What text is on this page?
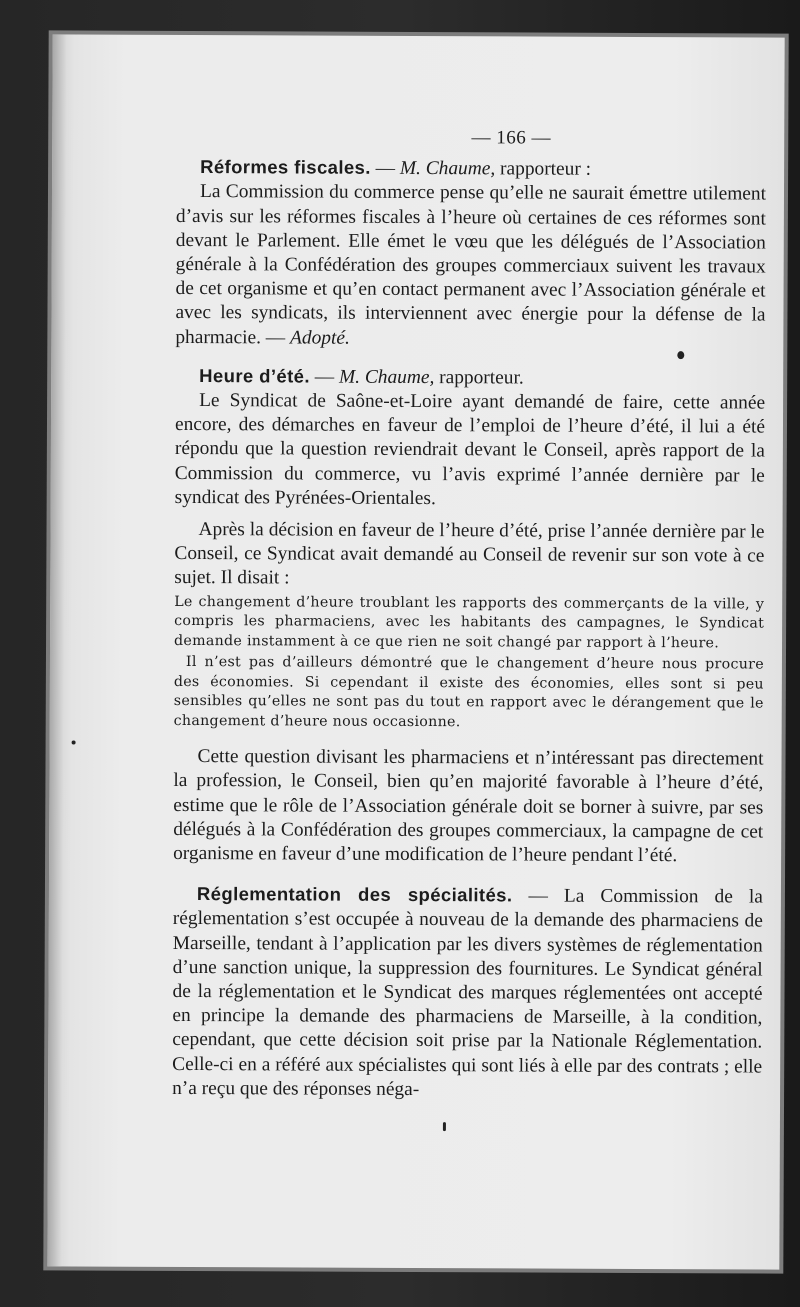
— 166 —

Réformes fiscales. — M. Chaume, rapporteur :

La Commission du commerce pense qu’elle ne saurait émettre utilement d’avis sur les réformes fiscales à l’heure où certaines de ces réformes sont devant le Parlement. Elle émet le vœu que les délégués de l’Association générale à la Confédération des groupes commerciaux suivent les travaux de cet organisme et qu’en contact permanent avec l’Association générale et avec les syndicats, ils interviennent avec énergie pour la défense de la pharmacie. — Adopté.

Heure d’été. — M. Chaume, rapporteur.

Le Syndicat de Saône-et-Loire ayant demandé de faire, cette année encore, des démarches en faveur de l’emploi de l’heure d’été, il lui a été répondu que la question reviendrait devant le Conseil, après rapport de la Commission du commerce, vu l’avis exprimé l’année dernière par le syndicat des Pyrénées-Orientales.

Après la décision en faveur de l’heure d’été, prise l’année dernière par le Conseil, ce Syndicat avait demandé au Conseil de revenir sur son vote à ce sujet. Il disait :

Le changement d’heure troublant les rapports des commerçants de la ville, y compris les pharmaciens, avec les habitants des campagnes, le Syndicat demande instamment à ce que rien ne soit changé par rapport à l’heure.

Il n’est pas d’ailleurs démontré que le changement d’heure nous procure des économies. Si cependant il existe des économies, elles sont si peu sensibles qu’elles ne sont pas du tout en rapport avec le dérangement que le changement d’heure nous occasionne.

Cette question divisant les pharmaciens et n’intéressant pas directement la profession, le Conseil, bien qu’en majorité favorable à l’heure d’été, estime que le rôle de l’Association générale doit se borner à suivre, par ses délégués à la Confédération des groupes commerciaux, la campagne de cet organisme en faveur d’une modification de l’heure pendant l’été.

Réglementation des spécialités. — La Commission de la réglementation s’est occupée à nouveau de la demande des pharmaciens de Marseille, tendant à l’application par les divers systèmes de réglementation d’une sanction unique, la suppression des fournitures. Le Syndicat général de la réglementation et le Syndicat des marques réglementées ont accepté en principe la demande des pharmaciens de Marseille, à la condition, cependant, que cette décision soit prise par la Nationale Réglementation. Celle-ci en a référé aux spécialistes qui sont liés à elle par des contrats ; elle n’a reçu que des réponses néga-
